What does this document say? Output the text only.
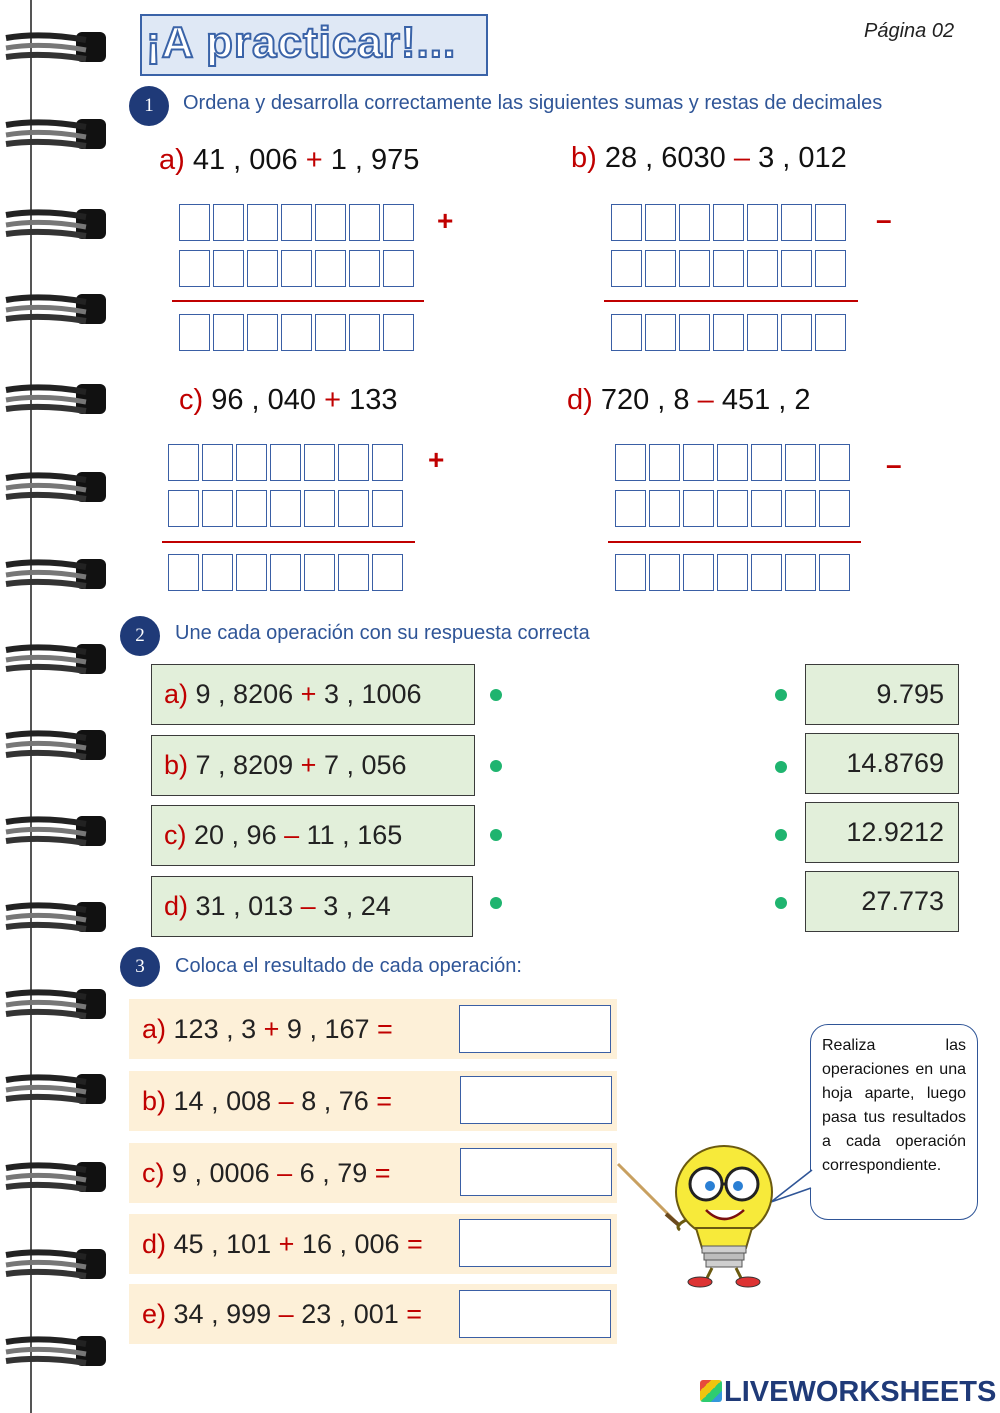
¡A practicar!...	Página 02
1	Ordena y desarrolla correctamente las siguientes sumas y restas de decimales
a) 41 , 006 + 1 , 975
+
b) 28 , 6030 – 3 , 012
–
c) 96 , 040 + 133
+
d) 720 , 8 – 451 , 2
–
2	Une cada operación con su respuesta correcta
a)
9 , 8206
+
3 , 1006
b)
7 , 8209
+
7 , 056
c)
20 , 96
–
11 , 165
d)
31 , 013
–
3 , 24
9.795
14.8769
12.9212
27.773
3	Coloca el resultado de cada operación:
a)
123 , 3
+
9 , 167
=
b)
14 , 008
–
8 , 76
=
c)
9 , 0006
–
6 , 79
=
d)
45 , 101
+
16 , 006
=
e)
34 , 999
–
23 , 001
=
Realiza las operaciones en una hoja aparte, luego pasa tus resultados a cada operación correspondiente.
LIVEWORKSHEETS
